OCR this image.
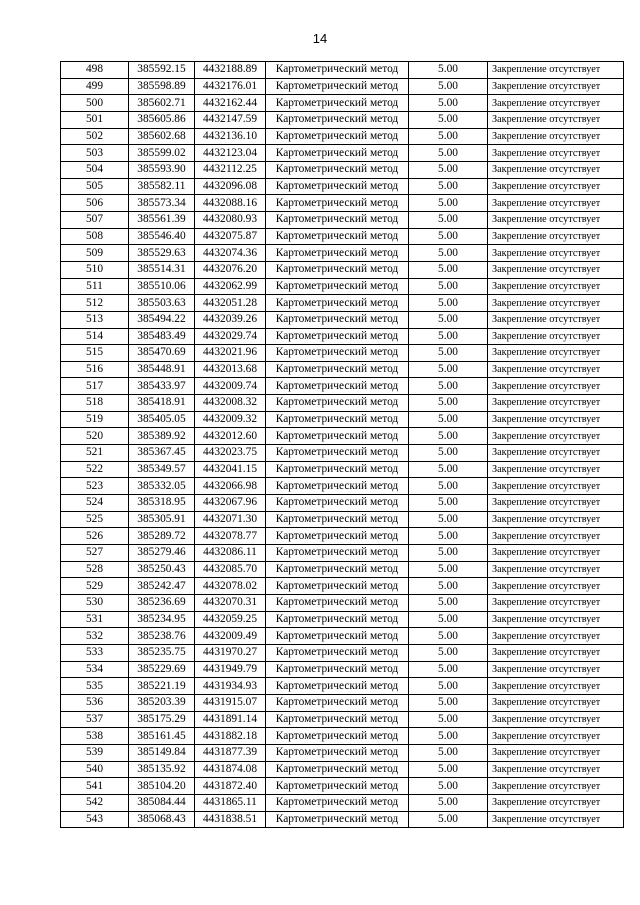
14
498	385592.15	4432188.89	Картометрический метод	5.00	Закрепление отсутствует
499	385598.89	4432176.01	Картометрический метод	5.00	Закрепление отсутствует
500	385602.71	4432162.44	Картометрический метод	5.00	Закрепление отсутствует
501	385605.86	4432147.59	Картометрический метод	5.00	Закрепление отсутствует
502	385602.68	4432136.10	Картометрический метод	5.00	Закрепление отсутствует
503	385599.02	4432123.04	Картометрический метод	5.00	Закрепление отсутствует
504	385593.90	4432112.25	Картометрический метод	5.00	Закрепление отсутствует
505	385582.11	4432096.08	Картометрический метод	5.00	Закрепление отсутствует
506	385573.34	4432088.16	Картометрический метод	5.00	Закрепление отсутствует
507	385561.39	4432080.93	Картометрический метод	5.00	Закрепление отсутствует
508	385546.40	4432075.87	Картометрический метод	5.00	Закрепление отсутствует
509	385529.63	4432074.36	Картометрический метод	5.00	Закрепление отсутствует
510	385514.31	4432076.20	Картометрический метод	5.00	Закрепление отсутствует
511	385510.06	4432062.99	Картометрический метод	5.00	Закрепление отсутствует
512	385503.63	4432051.28	Картометрический метод	5.00	Закрепление отсутствует
513	385494.22	4432039.26	Картометрический метод	5.00	Закрепление отсутствует
514	385483.49	4432029.74	Картометрический метод	5.00	Закрепление отсутствует
515	385470.69	4432021.96	Картометрический метод	5.00	Закрепление отсутствует
516	385448.91	4432013.68	Картометрический метод	5.00	Закрепление отсутствует
517	385433.97	4432009.74	Картометрический метод	5.00	Закрепление отсутствует
518	385418.91	4432008.32	Картометрический метод	5.00	Закрепление отсутствует
519	385405.05	4432009.32	Картометрический метод	5.00	Закрепление отсутствует
520	385389.92	4432012.60	Картометрический метод	5.00	Закрепление отсутствует
521	385367.45	4432023.75	Картометрический метод	5.00	Закрепление отсутствует
522	385349.57	4432041.15	Картометрический метод	5.00	Закрепление отсутствует
523	385332.05	4432066.98	Картометрический метод	5.00	Закрепление отсутствует
524	385318.95	4432067.96	Картометрический метод	5.00	Закрепление отсутствует
525	385305.91	4432071.30	Картометрический метод	5.00	Закрепление отсутствует
526	385289.72	4432078.77	Картометрический метод	5.00	Закрепление отсутствует
527	385279.46	4432086.11	Картометрический метод	5.00	Закрепление отсутствует
528	385250.43	4432085.70	Картометрический метод	5.00	Закрепление отсутствует
529	385242.47	4432078.02	Картометрический метод	5.00	Закрепление отсутствует
530	385236.69	4432070.31	Картометрический метод	5.00	Закрепление отсутствует
531	385234.95	4432059.25	Картометрический метод	5.00	Закрепление отсутствует
532	385238.76	4432009.49	Картометрический метод	5.00	Закрепление отсутствует
533	385235.75	4431970.27	Картометрический метод	5.00	Закрепление отсутствует
534	385229.69	4431949.79	Картометрический метод	5.00	Закрепление отсутствует
535	385221.19	4431934.93	Картометрический метод	5.00	Закрепление отсутствует
536	385203.39	4431915.07	Картометрический метод	5.00	Закрепление отсутствует
537	385175.29	4431891.14	Картометрический метод	5.00	Закрепление отсутствует
538	385161.45	4431882.18	Картометрический метод	5.00	Закрепление отсутствует
539	385149.84	4431877.39	Картометрический метод	5.00	Закрепление отсутствует
540	385135.92	4431874.08	Картометрический метод	5.00	Закрепление отсутствует
541	385104.20	4431872.40	Картометрический метод	5.00	Закрепление отсутствует
542	385084.44	4431865.11	Картометрический метод	5.00	Закрепление отсутствует
543	385068.43	4431838.51	Картометрический метод	5.00	Закрепление отсутствует
